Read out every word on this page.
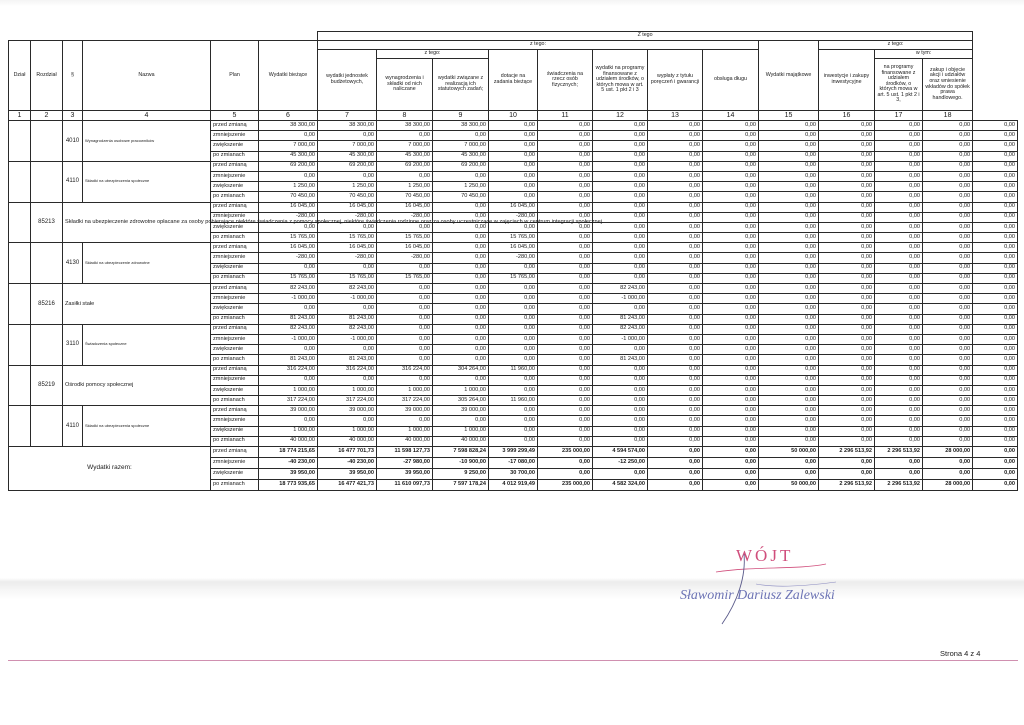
						Z tego												
Dział	Rozdział	§	Nazwa	Plan	Wydatki bieżące	z tego:								Wydatki majątkowe	z tego:			
						wydatki jednostek budżetowych,	z tego:		dotacje na zadania bieżące	świadczenia na rzecz osób fizycznych;	wydatki na programy finansowane z udziałem środków, o których mowa w art. 5 ust. 1 pkt 2 i 3	wypłaty z tytułu poręczeń i gwarancji	obsługa długu		inwestycje i zakupy inwestycyjne	w tym:		
							wynagrodzenia i składki od nich naliczane	wydatki związane z realizacją ich statutowych zadań;								na programy finansowane z udziałem środków, o których mowa w art. 5 ust. 1 pkt 2 i 3,	zakup i objęcie akcji i udziałów oraz wniesienie wkładów do spółek prawa handlowego.	

1	2	3	4	5	6	7	8	9	10	11	12	13	14	15	16	17	18	
		4010	Wynagrodzenia osobowe pracowników	przed zmianą	38 300,00	38 300,00	38 300,00	38 300,00	0,00	0,00	0,00	0,00	0,00	0,00	0,00	0,00	0,00	0,00
				zmniejszenie	0,00	0,00	0,00	0,00	0,00	0,00	0,00	0,00	0,00	0,00	0,00	0,00	0,00	0,00
				zwiększenie	7 000,00	7 000,00	7 000,00	7 000,00	0,00	0,00	0,00	0,00	0,00	0,00	0,00	0,00	0,00	0,00
				po zmianach	45 300,00	45 300,00	45 300,00	45 300,00	0,00	0,00	0,00	0,00	0,00	0,00	0,00	0,00	0,00	0,00
		4110	Składki na ubezpieczenia społeczne	przed zmianą	69 200,00	69 200,00	69 200,00	69 200,00	0,00	0,00	0,00	0,00	0,00	0,00	0,00	0,00	0,00	0,00
				zmniejszenie	0,00	0,00	0,00	0,00	0,00	0,00	0,00	0,00	0,00	0,00	0,00	0,00	0,00	0,00
				zwiększenie	1 250,00	1 250,00	1 250,00	1 250,00	0,00	0,00	0,00	0,00	0,00	0,00	0,00	0,00	0,00	0,00
				po zmianach	70 450,00	70 450,00	70 450,00	70 450,00	0,00	0,00	0,00	0,00	0,00	0,00	0,00	0,00	0,00	0,00
	85213	Składki na ubezpieczenie zdrowotne opłacane za osoby pobierające niektóre świadczenia z pomocy społecznej, niektóre świadczenia rodzinne oraz za osoby uczestniczące w zajęciach w centrum integracji społecznej.		przed zmianą	16 045,00	16 045,00	16 045,00	0,00	16 045,00	0,00	0,00	0,00	0,00	0,00	0,00	0,00	0,00	0,00
				zmniejszenie	-280,00	-280,00	-280,00	0,00	-280,00	0,00	0,00	0,00	0,00	0,00	0,00	0,00	0,00	0,00
				zwiększenie	0,00	0,00	0,00	0,00	0,00	0,00	0,00	0,00	0,00	0,00	0,00	0,00	0,00	0,00
				po zmianach	15 765,00	15 765,00	15 765,00	0,00	15 765,00	0,00	0,00	0,00	0,00	0,00	0,00	0,00	0,00	0,00
		4130	Składki na ubezpieczenie zdrowotne	przed zmianą	16 045,00	16 045,00	16 045,00	0,00	16 045,00	0,00	0,00	0,00	0,00	0,00	0,00	0,00	0,00	0,00
				zmniejszenie	-280,00	-280,00	-280,00	0,00	-280,00	0,00	0,00	0,00	0,00	0,00	0,00	0,00	0,00	0,00
				zwiększenie	0,00	0,00	0,00	0,00	0,00	0,00	0,00	0,00	0,00	0,00	0,00	0,00	0,00	0,00
				po zmianach	15 765,00	15 765,00	15 765,00	0,00	15 765,00	0,00	0,00	0,00	0,00	0,00	0,00	0,00	0,00	0,00
	85216	Zasiłki stałe		przed zmianą	82 243,00	82 243,00	0,00	0,00	0,00	0,00	82 243,00	0,00	0,00	0,00	0,00	0,00	0,00	0,00
				zmniejszenie	-1 000,00	-1 000,00	0,00	0,00	0,00	0,00	-1 000,00	0,00	0,00	0,00	0,00	0,00	0,00	0,00
				zwiększenie	0,00	0,00	0,00	0,00	0,00	0,00	0,00	0,00	0,00	0,00	0,00	0,00	0,00	0,00
				po zmianach	81 243,00	81 243,00	0,00	0,00	0,00	0,00	81 243,00	0,00	0,00	0,00	0,00	0,00	0,00	0,00
		3110	Świadczenia społeczne	przed zmianą	82 243,00	82 243,00	0,00	0,00	0,00	0,00	82 243,00	0,00	0,00	0,00	0,00	0,00	0,00	0,00
				zmniejszenie	-1 000,00	-1 000,00	0,00	0,00	0,00	0,00	-1 000,00	0,00	0,00	0,00	0,00	0,00	0,00	0,00
				zwiększenie	0,00	0,00	0,00	0,00	0,00	0,00	0,00	0,00	0,00	0,00	0,00	0,00	0,00	0,00
				po zmianach	81 243,00	81 243,00	0,00	0,00	0,00	0,00	81 243,00	0,00	0,00	0,00	0,00	0,00	0,00	0,00
	85219	Ośrodki pomocy społecznej		przed zmianą	316 224,00	316 224,00	316 224,00	304 264,00	11 960,00	0,00	0,00	0,00	0,00	0,00	0,00	0,00	0,00	0,00
				zmniejszenie	0,00	0,00	0,00	0,00	0,00	0,00	0,00	0,00	0,00	0,00	0,00	0,00	0,00	0,00
				zwiększenie	1 000,00	1 000,00	1 000,00	1 000,00	0,00	0,00	0,00	0,00	0,00	0,00	0,00	0,00	0,00	0,00
				po zmianach	317 224,00	317 224,00	317 224,00	305 264,00	11 960,00	0,00	0,00	0,00	0,00	0,00	0,00	0,00	0,00	0,00
		4110	Składki na ubezpieczenia społeczne	przed zmianą	39 000,00	39 000,00	39 000,00	39 000,00	0,00	0,00	0,00	0,00	0,00	0,00	0,00	0,00	0,00	0,00
				zmniejszenie	0,00	0,00	0,00	0,00	0,00	0,00	0,00	0,00	0,00	0,00	0,00	0,00	0,00	0,00
				zwiększenie	1 000,00	1 000,00	1 000,00	1 000,00	0,00	0,00	0,00	0,00	0,00	0,00	0,00	0,00	0,00	0,00
				po zmianach	40 000,00	40 000,00	40 000,00	40 000,00	0,00	0,00	0,00	0,00	0,00	0,00	0,00	0,00	0,00	0,00
Wydatki razem:				przed zmianą	18 774 215,65	16 477 701,73	11 598 127,73	7 598 828,24	3 999 299,49	235 000,00	4 594 574,00	0,00	0,00	50 000,00	2 296 513,92	2 296 513,92	28 000,00	0,00
				zmniejszenie	-40 230,00	-40 230,00	-27 980,00	-10 900,00	-17 080,00	0,00	-12 250,00	0,00	0,00	0,00	0,00	0,00	0,00	0,00
				zwiększenie	39 950,00	39 950,00	39 950,00	9 250,00	30 700,00	0,00	0,00	0,00	0,00	0,00	0,00	0,00	0,00	0,00
				po zmianach	18 773 935,65	16 477 421,73	11 610 097,73	7 597 178,24	4 012 919,49	235 000,00	4 582 324,00	0,00	0,00	50 000,00	2 296 513,92	2 296 513,92	28 000,00	0,00
WÓJT
Sławomir Dariusz Zalewski
Strona 4 z 4
